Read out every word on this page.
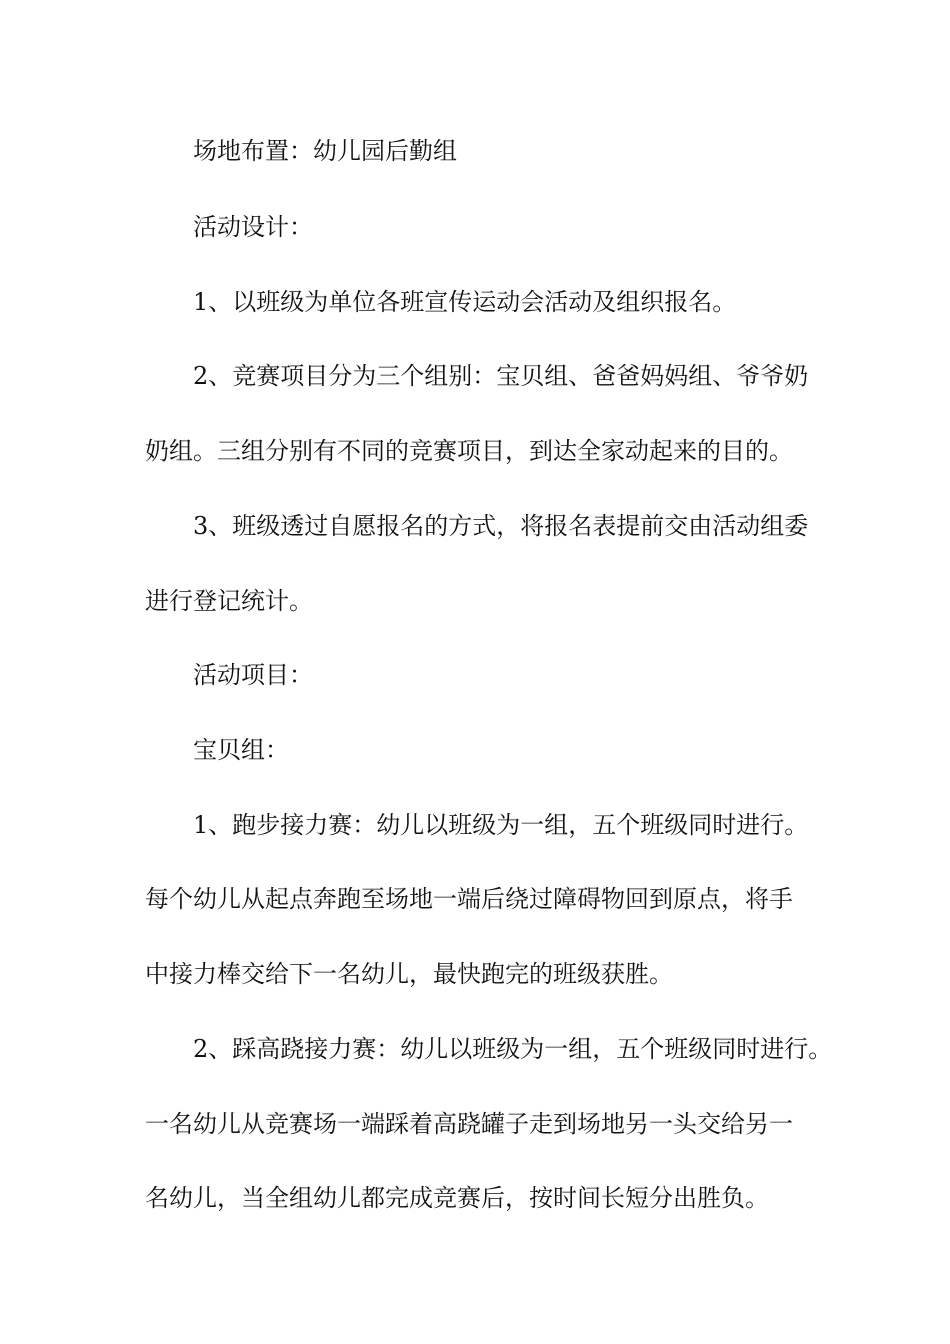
场地布置：幼儿园后勤组
活动设计：
1、以班级为单位各班宣传运动会活动及组织报名。
2、竞赛项目分为三个组别：宝贝组、爸爸妈妈组、爷爷奶
奶组。三组分别有不同的竞赛项目，到达全家动起来的目的。
3、班级透过自愿报名的方式，将报名表提前交由活动组委
进行登记统计。
活动项目：
宝贝组：
1、跑步接力赛：幼儿以班级为一组，五个班级同时进行。
每个幼儿从起点奔跑至场地一端后绕过障碍物回到原点，将手
中接力棒交给下一名幼儿，最快跑完的班级获胜。
2、踩高跷接力赛：幼儿以班级为一组，五个班级同时进行。
一名幼儿从竞赛场一端踩着高跷罐子走到场地另一头交给另一
名幼儿，当全组幼儿都完成竞赛后，按时间长短分出胜负。
